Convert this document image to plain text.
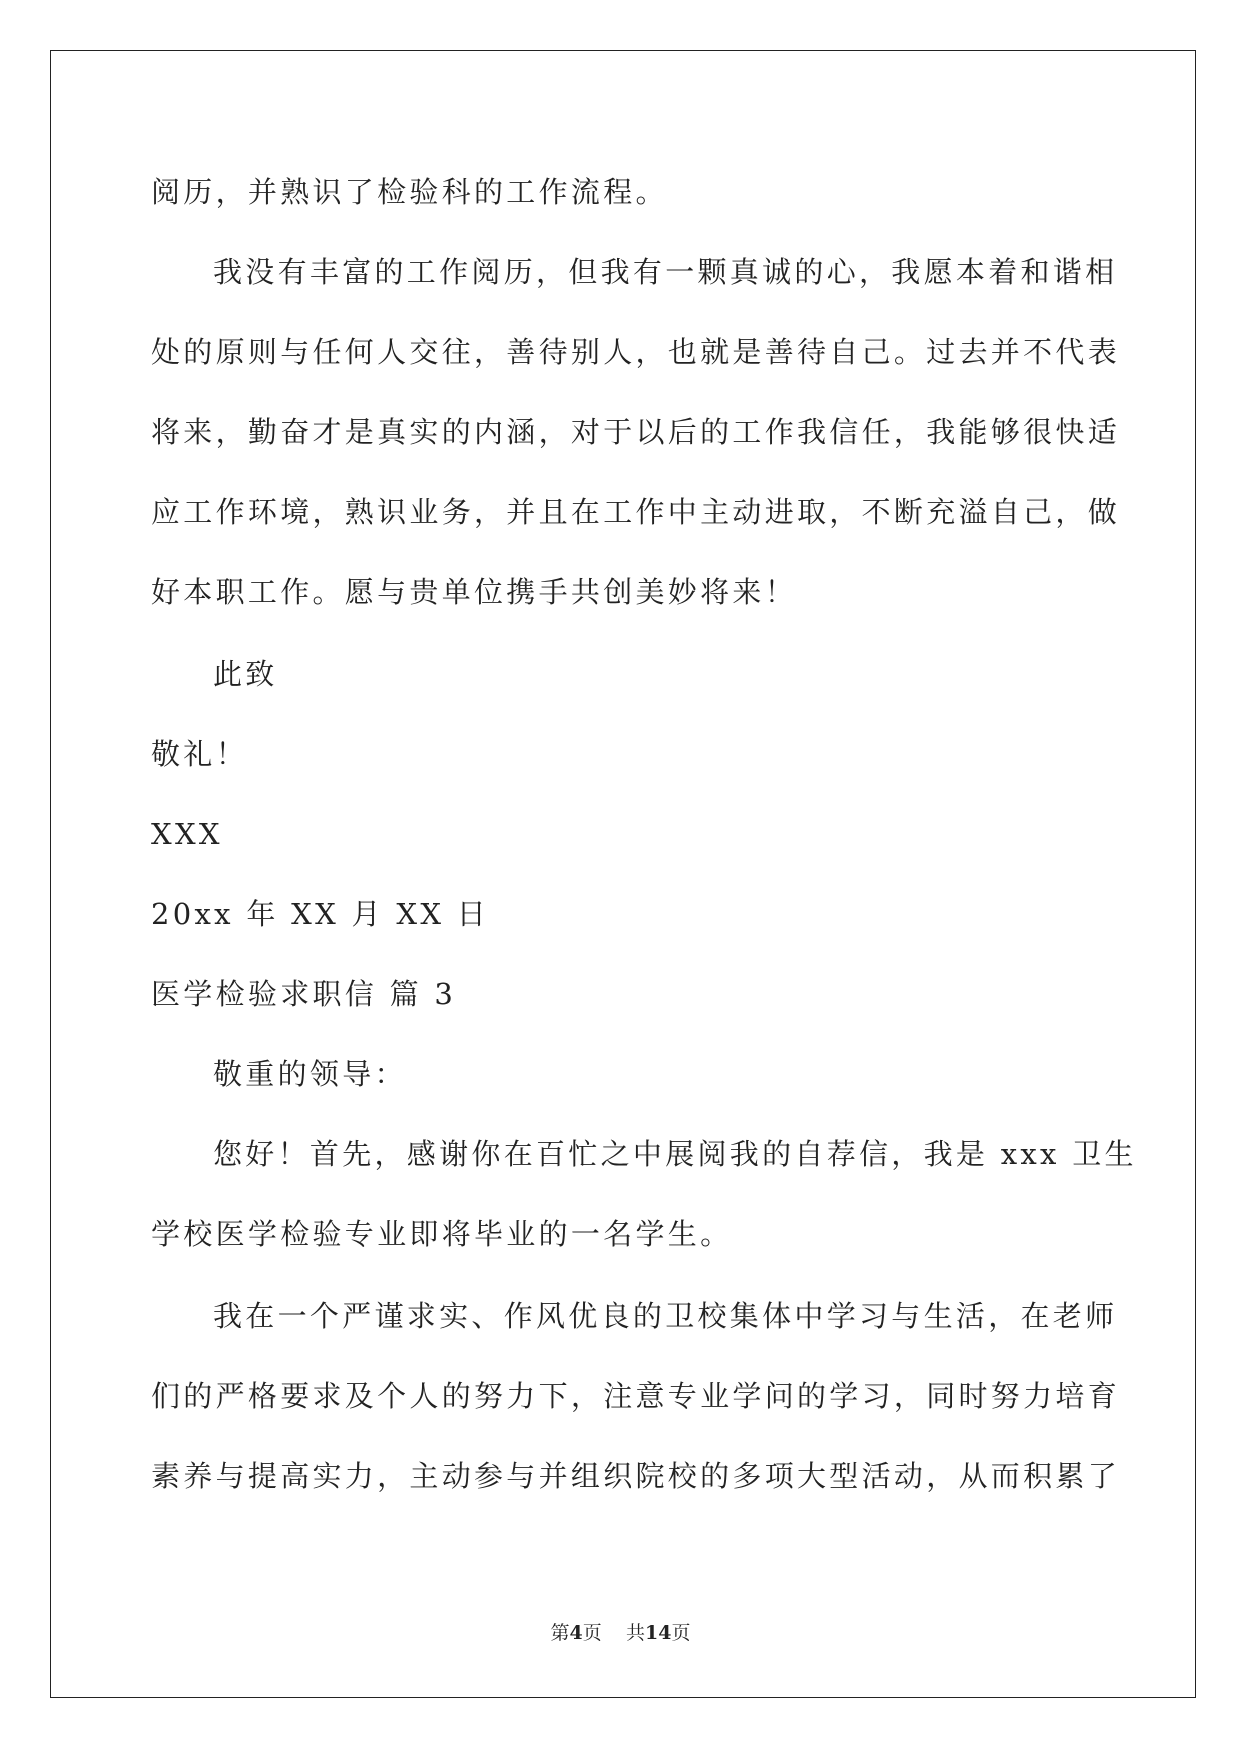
阅历，并熟识了检验科的工作流程。

我没有丰富的工作阅历，但我有一颗真诚的心，我愿本着和谐相

处的原则与任何人交往，善待别人，也就是善待自己。过去并不代表

将来，勤奋才是真实的内涵，对于以后的工作我信任，我能够很快适

应工作环境，熟识业务，并且在工作中主动进取，不断充溢自己，做

好本职工作。愿与贵单位携手共创美妙将来！

此致

敬礼！

XXX

20xx 年 XX 月 XX 日

医学检验求职信 篇 3

敬重的领导：

您好！首先，感谢你在百忙之中展阅我的自荐信，我是 xxx 卫生

学校医学检验专业即将毕业的一名学生。

我在一个严谨求实、作风优良的卫校集体中学习与生活，在老师

们的严格要求及个人的努力下，注意专业学问的学习，同时努力培育

素养与提高实力，主动参与并组织院校的多项大型活动，从而积累了

第4页 共14页
